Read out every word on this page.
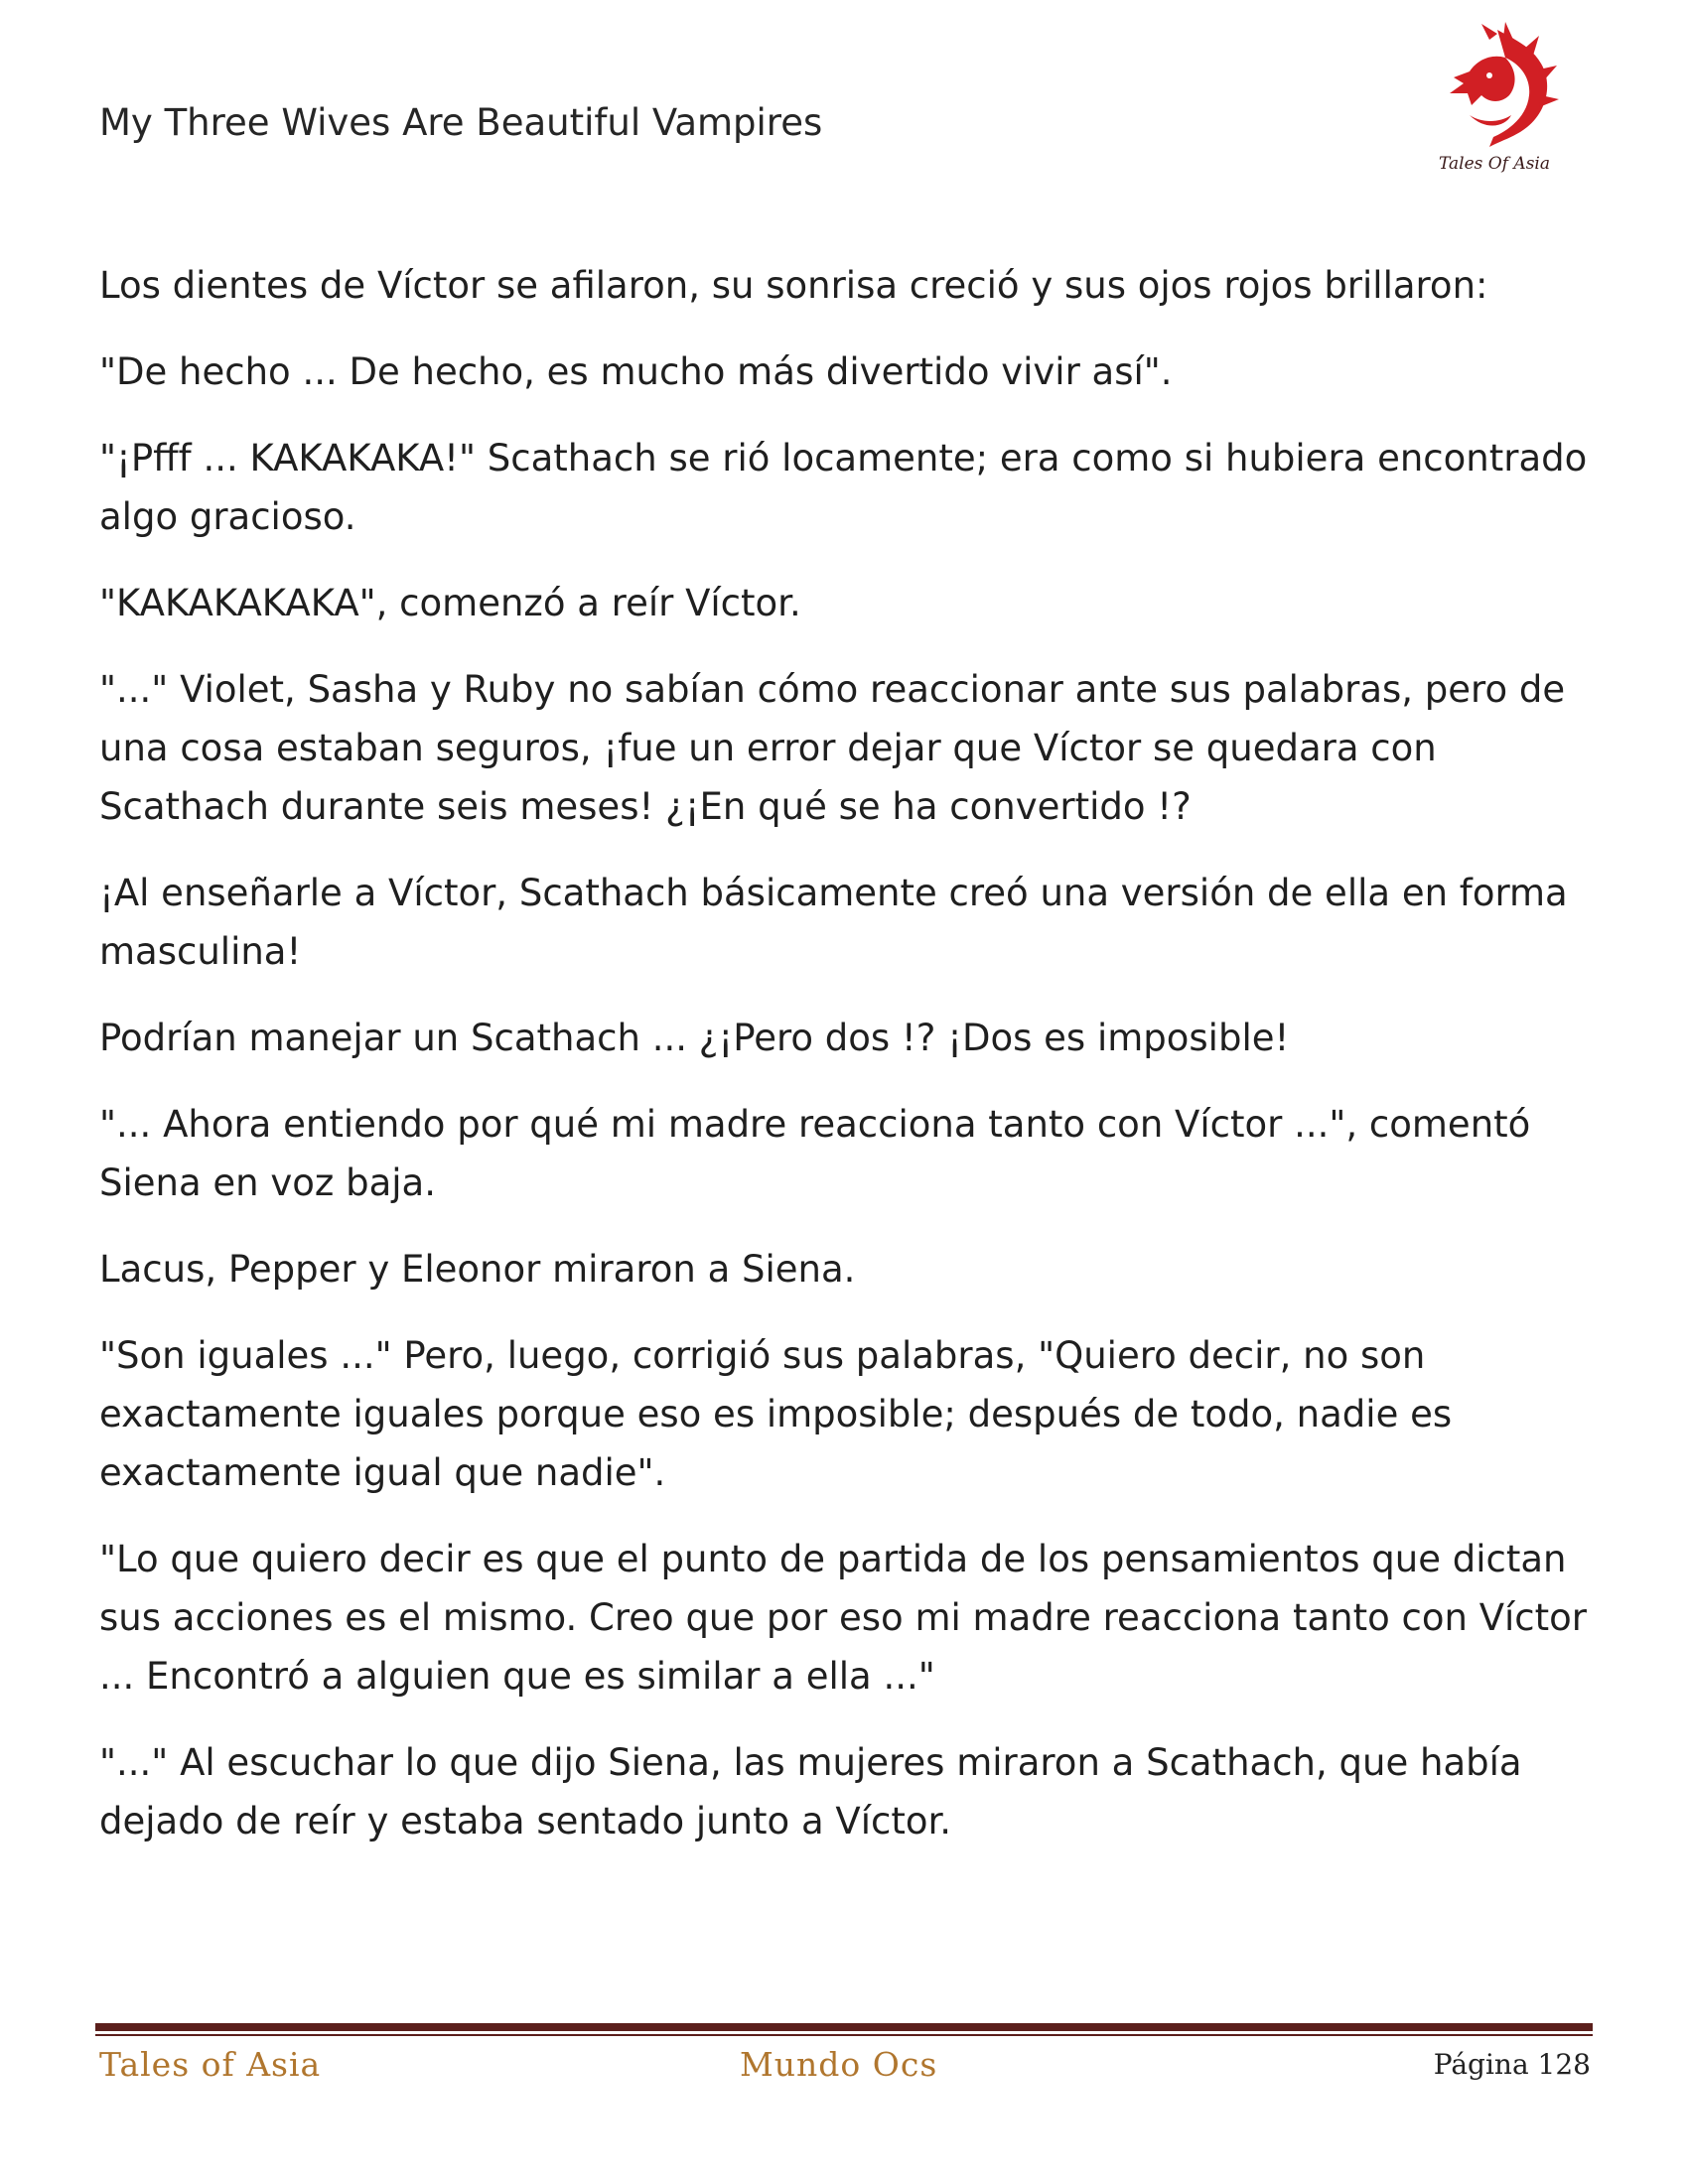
My Three Wives Are Beautiful Vampires
Tales Of Asia

Los dientes de Víctor se afilaron, su sonrisa creció y sus ojos rojos brillaron:

"De hecho ... De hecho, es mucho más divertido vivir así".

"¡Pfff ... KAKAKAKA!" Scathach se rió locamente; era como si hubiera encontrado algo gracioso.

"KAKAKAKAKA", comenzó a reír Víctor.

"..." Violet, Sasha y Ruby no sabían cómo reaccionar ante sus palabras, pero de una cosa estaban seguros, ¡fue un error dejar que Víctor se quedara con Scathach durante seis meses! ¿¡En qué se ha convertido !?

¡Al enseñarle a Víctor, Scathach básicamente creó una versión de ella en forma masculina!

Podrían manejar un Scathach ... ¿¡Pero dos !? ¡Dos es imposible!

"... Ahora entiendo por qué mi madre reacciona tanto con Víctor ...", comentó Siena en voz baja.

Lacus, Pepper y Eleonor miraron a Siena.

"Son iguales ..." Pero, luego, corrigió sus palabras, "Quiero decir, no son exactamente iguales porque eso es imposible; después de todo, nadie es exactamente igual que nadie".

"Lo que quiero decir es que el punto de partida de los pensamientos que dictan sus acciones es el mismo. Creo que por eso mi madre reacciona tanto con Víctor ... Encontró a alguien que es similar a ella ..."

"..." Al escuchar lo que dijo Siena, las mujeres miraron a Scathach, que había dejado de reír y estaba sentado junto a Víctor.

Tales of Asia	Mundo Ocs	Página 128
